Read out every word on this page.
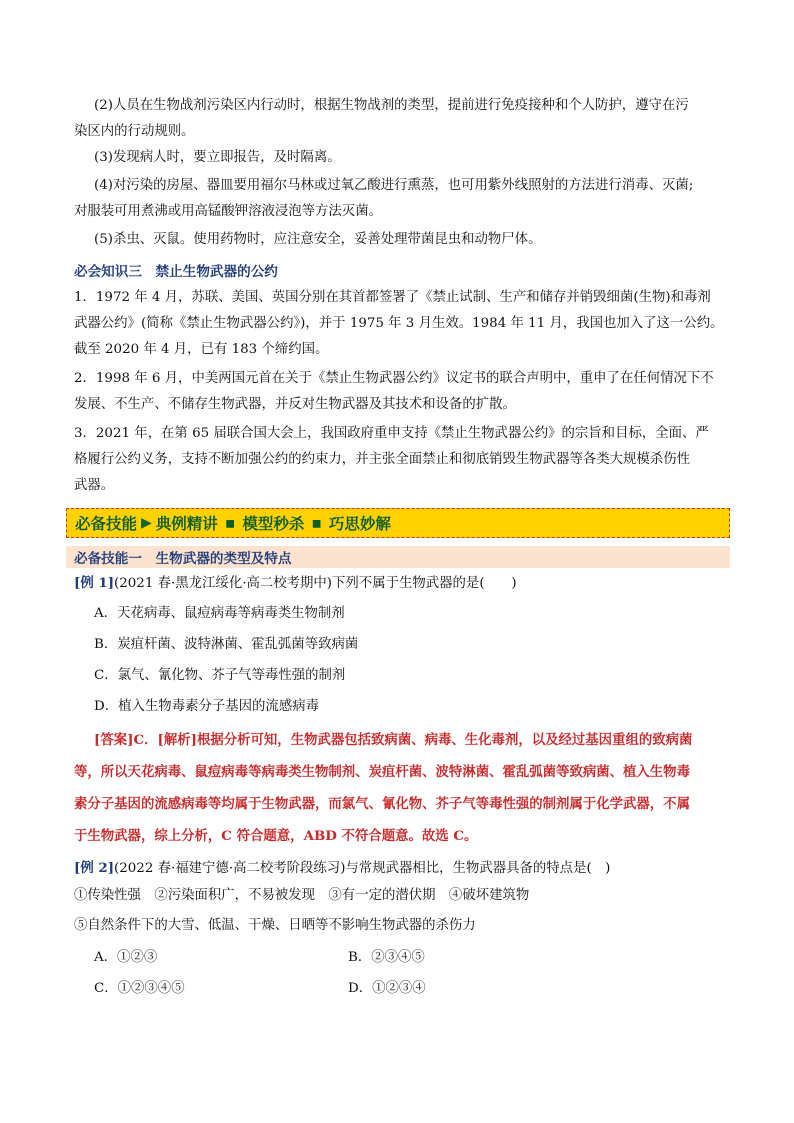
(2)人员在生物战剂污染区内行动时，根据生物战剂的类型，提前进行免疫接种和个人防护，遵守在污
染区内的行动规则。
(3)发现病人时，要立即报告，及时隔离。
(4)对污染的房屋、器皿要用福尔马林或过氧乙酸进行熏蒸，也可用紫外线照射的方法进行消毒、灭菌;
对服装可用煮沸或用高锰酸钾溶液浸泡等方法灭菌。
(5)杀虫、灭鼠。使用药物时，应注意安全，妥善处理带菌昆虫和动物尸体。
必会知识三　禁止生物武器的公约
1．1972 年 4 月，苏联、美国、英国分别在其首都签署了《禁止试制、生产和储存并销毁细菌(生物)和毒剂
武器公约》(简称《禁止生物武器公约》)，并于 1975 年 3 月生效。1984 年 11 月，我国也加入了这一公约。
截至 2020 年 4 月，已有 183 个缔约国。
2．1998 年 6 月，中美两国元首在关于《禁止生物武器公约》议定书的联合声明中，重申了在任何情况下不
发展、不生产、不储存生物武器，并反对生物武器及其技术和设备的扩散。
3．2021 年，在第 65 届联合国大会上，我国政府重申支持《禁止生物武器公约》的宗旨和目标，全面、严
格履行公约义务，支持不断加强公约的约束力，并主张全面禁止和彻底销毁生物武器等各类大规模杀伤性
武器。
必备技能 ▶ 典例精讲 ▪ 模型秒杀 ▪ 巧思妙解
必备技能一　生物武器的类型及特点
[例 1](2021 春·黑龙江绥化·高二校考期中)下列不属于生物武器的是(　　)
A．天花病毒、鼠痘病毒等病毒类生物制剂
B．炭疽杆菌、波特淋菌、霍乱弧菌等致病菌
C．氯气、氰化物、芥子气等毒性强的制剂
D．植入生物毒素分子基因的流感病毒
[答案]C．[解析]根据分析可知，生物武器包括致病菌、病毒、生化毒剂，以及经过基因重组的致病菌
等，所以天花病毒、鼠痘病毒等病毒类生物制剂、炭疽杆菌、波特淋菌、霍乱弧菌等致病菌、植入生物毒
素分子基因的流感病毒等均属于生物武器，而氯气、氰化物、芥子气等毒性强的制剂属于化学武器，不属
于生物武器，综上分析，C 符合题意，ABD 不符合题意。故选 C。
[例 2](2022 春·福建宁德·高二校考阶段练习)与常规武器相比，生物武器具备的特点是(　)
①传染性强　②污染面积广，不易被发现　③有一定的潜伏期　④破坏建筑物
⑤自然条件下的大雪、低温、干燥、日晒等不影响生物武器的杀伤力
A．①②③	B．②③④⑤
C．①②③④⑤	D．①②③④
